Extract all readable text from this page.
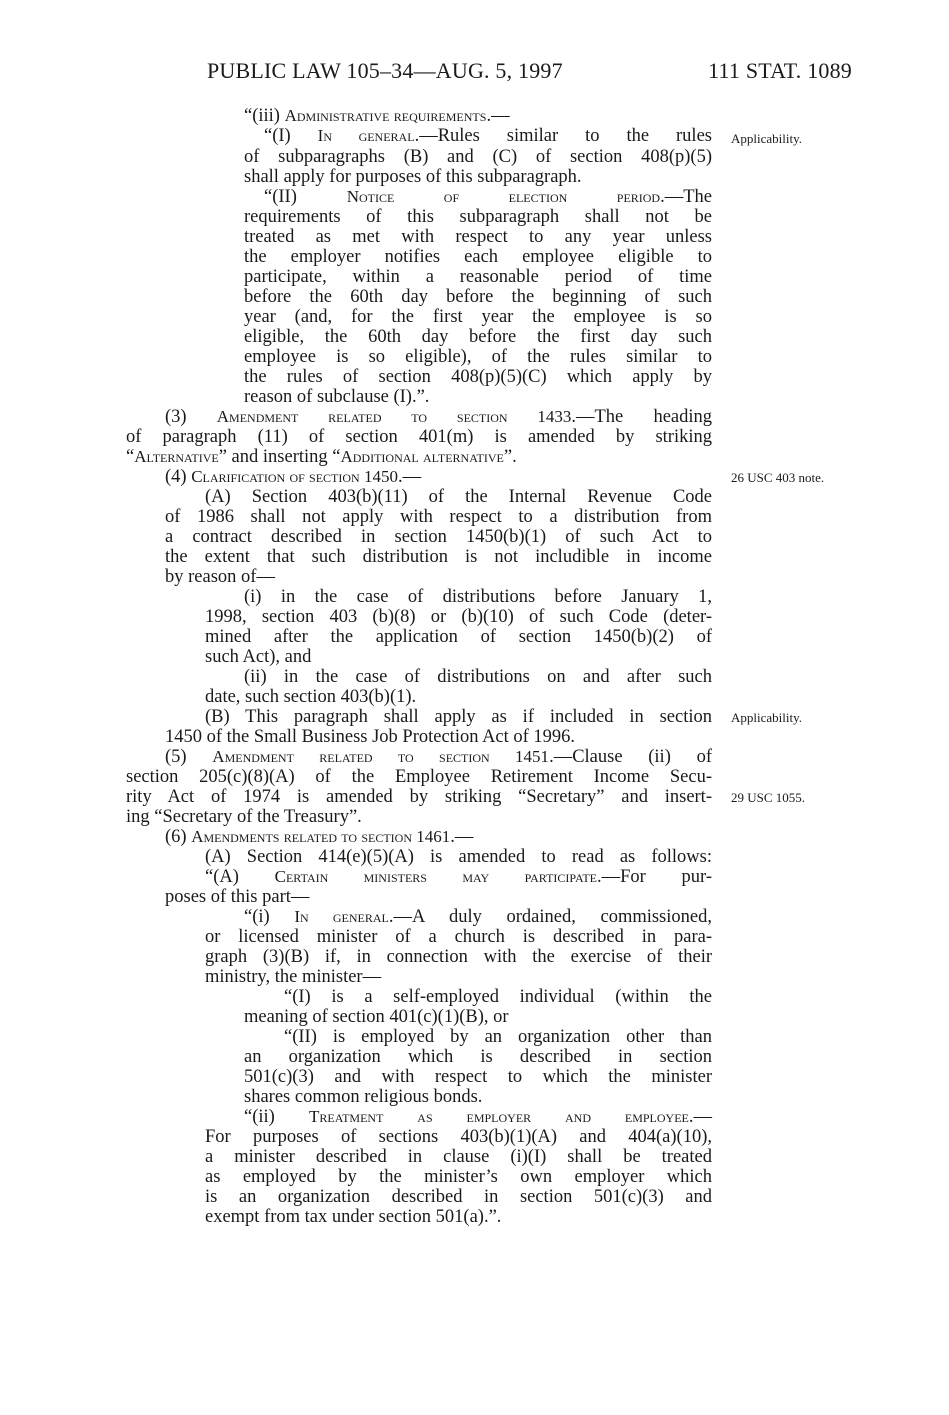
PUBLIC LAW 105–34—AUG. 5, 1997	111 STAT. 1089
Applicability.
26 USC 403 note.
Applicability.
29 USC 1055.
“(iii) Administrative requirements.—
“(I) In general.—Rules similar to the rules
of subparagraphs (B) and (C) of section 408(p)(5)
shall apply for purposes of this subparagraph.
“(II) Notice of election period.—The
requirements of this subparagraph shall not be
treated as met with respect to any year unless
the employer notifies each employee eligible to
participate, within a reasonable period of time
before the 60th day before the beginning of such
year (and, for the first year the employee is so
eligible, the 60th day before the first day such
employee is so eligible), of the rules similar to
the rules of section 408(p)(5)(C) which apply by
reason of subclause (I).”.
(3) Amendment related to section 1433.—The heading
of paragraph (11) of section 401(m) is amended by striking
“Alternative” and inserting “Additional alternative”.
(4) Clarification of section 1450.—
(A) Section 403(b)(11) of the Internal Revenue Code
of 1986 shall not apply with respect to a distribution from
a contract described in section 1450(b)(1) of such Act to
the extent that such distribution is not includible in income
by reason of—
(i) in the case of distributions before January 1,
1998, section 403 (b)(8) or (b)(10) of such Code (deter-
mined after the application of section 1450(b)(2) of
such Act), and
(ii) in the case of distributions on and after such
date, such section 403(b)(1).
(B) This paragraph shall apply as if included in section
1450 of the Small Business Job Protection Act of 1996.
(5) Amendment related to section 1451.—Clause (ii) of
section 205(c)(8)(A) of the Employee Retirement Income Secu-
rity Act of 1974 is amended by striking “Secretary” and insert-
ing “Secretary of the Treasury”.
(6) Amendments related to section 1461.—
(A) Section 414(e)(5)(A) is amended to read as follows:
“(A) Certain ministers may participate.—For pur-
poses of this part—
“(i) In general.—A duly ordained, commissioned,
or licensed minister of a church is described in para-
graph (3)(B) if, in connection with the exercise of their
ministry, the minister—
“(I) is a self-employed individual (within the
meaning of section 401(c)(1)(B), or
“(II) is employed by an organization other than
an organization which is described in section
501(c)(3) and with respect to which the minister
shares common religious bonds.
“(ii) Treatment as employer and employee.—
For purposes of sections 403(b)(1)(A) and 404(a)(10),
a minister described in clause (i)(I) shall be treated
as employed by the minister’s own employer which
is an organization described in section 501(c)(3) and
exempt from tax under section 501(a).”.
